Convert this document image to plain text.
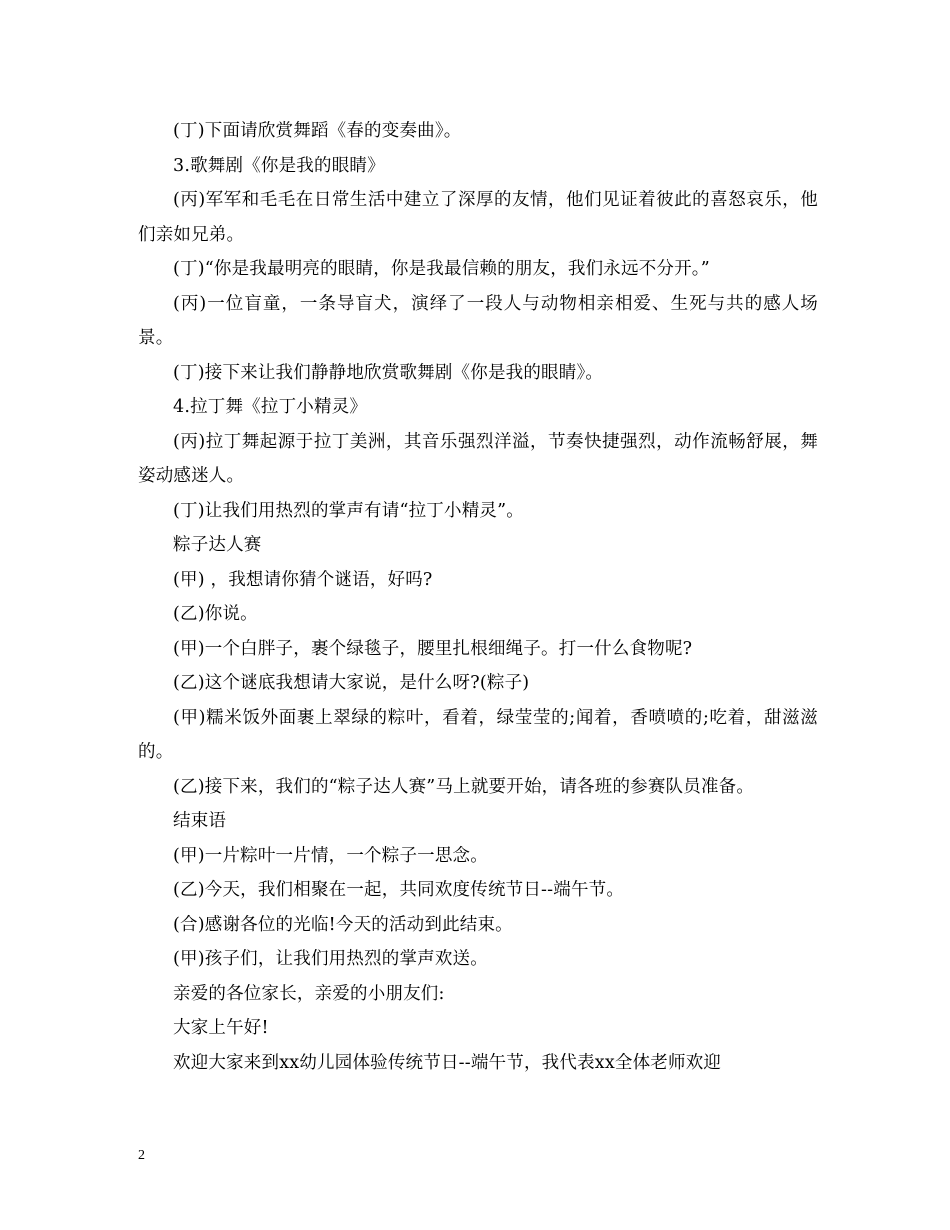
(丁)下面请欣赏舞蹈《春的变奏曲》。

3.歌舞剧《你是我的眼睛》

(丙)军军和毛毛在日常生活中建立了深厚的友情，他们见证着彼此的喜怒哀乐，他们亲如兄弟。

(丁)“你是我最明亮的眼睛，你是我最信赖的朋友，我们永远不分开。”

(丙)一位盲童，一条导盲犬，演绎了一段人与动物相亲相爱、生死与共的感人场景。

(丁)接下来让我们静静地欣赏歌舞剧《你是我的眼睛》。

4.拉丁舞《拉丁小精灵》

(丙)拉丁舞起源于拉丁美洲，其音乐强烈洋溢，节奏快捷强烈，动作流畅舒展，舞姿动感迷人。

(丁)让我们用热烈的掌声有请“拉丁小精灵”。

粽子达人赛

(甲) ，我想请你猜个谜语，好吗?

(乙)你说。

(甲)一个白胖子，裹个绿毯子，腰里扎根细绳子。打一什么食物呢?

(乙)这个谜底我想请大家说，是什么呀?(粽子)

(甲)糯米饭外面裹上翠绿的粽叶，看着，绿莹莹的;闻着，香喷喷的;吃着，甜滋滋的。

(乙)接下来，我们的“粽子达人赛”马上就要开始，请各班的参赛队员准备。

结束语

(甲)一片粽叶一片情，一个粽子一思念。

(乙)今天，我们相聚在一起，共同欢度传统节日--端午节。

(合)感谢各位的光临!今天的活动到此结束。

(甲)孩子们，让我们用热烈的掌声欢送。

亲爱的各位家长，亲爱的小朋友们:

大家上午好!

欢迎大家来到xx幼儿园体验传统节日--端午节，我代表xx全体老师欢迎

2
